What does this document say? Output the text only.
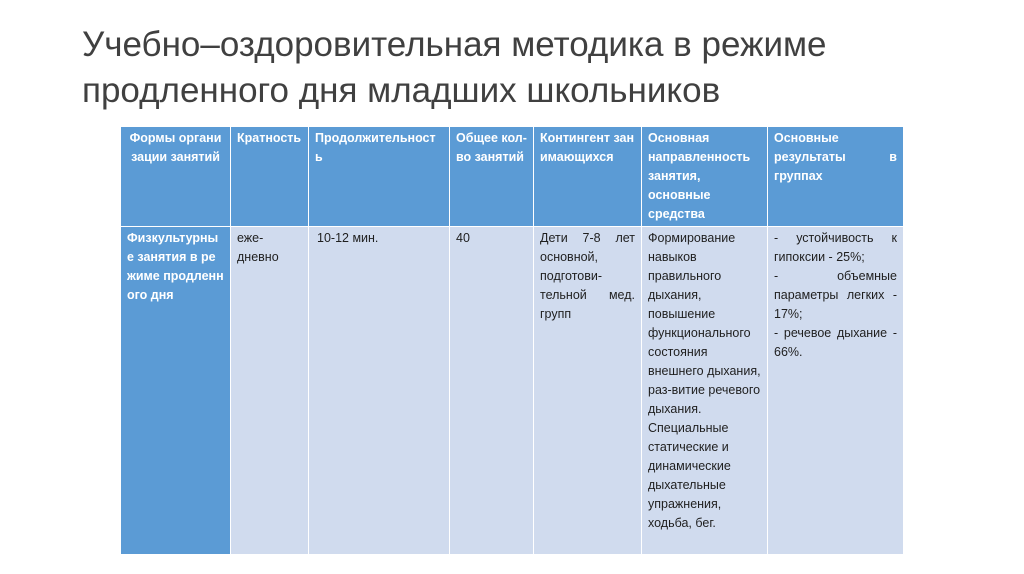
Учебно–оздоровительная методика в режиме продленного дня младших школьников
Формы организации занятий	Кратность	Продолжительность	Общее кол-во занятий	Контингент занимающихся	Основная направленность занятия, основные средства	Основные результаты в группах

Физкультурные занятия в режиме продленного дня	еже-дневно	10-12 мин.	40	Дети 7-8 лет основной, подготови-тельной мед. групп	Формирование навыков правильного дыхания, повышение функционального состояния внешнего дыхания, раз-витие речевого дыхания. Специальные статические и динамические дыхательные упражнения, ходьба, бег.	- устойчивость к гипоксии - 25%;
- объемные параметры легких - 17%;
- речевое дыхание - 66%.
